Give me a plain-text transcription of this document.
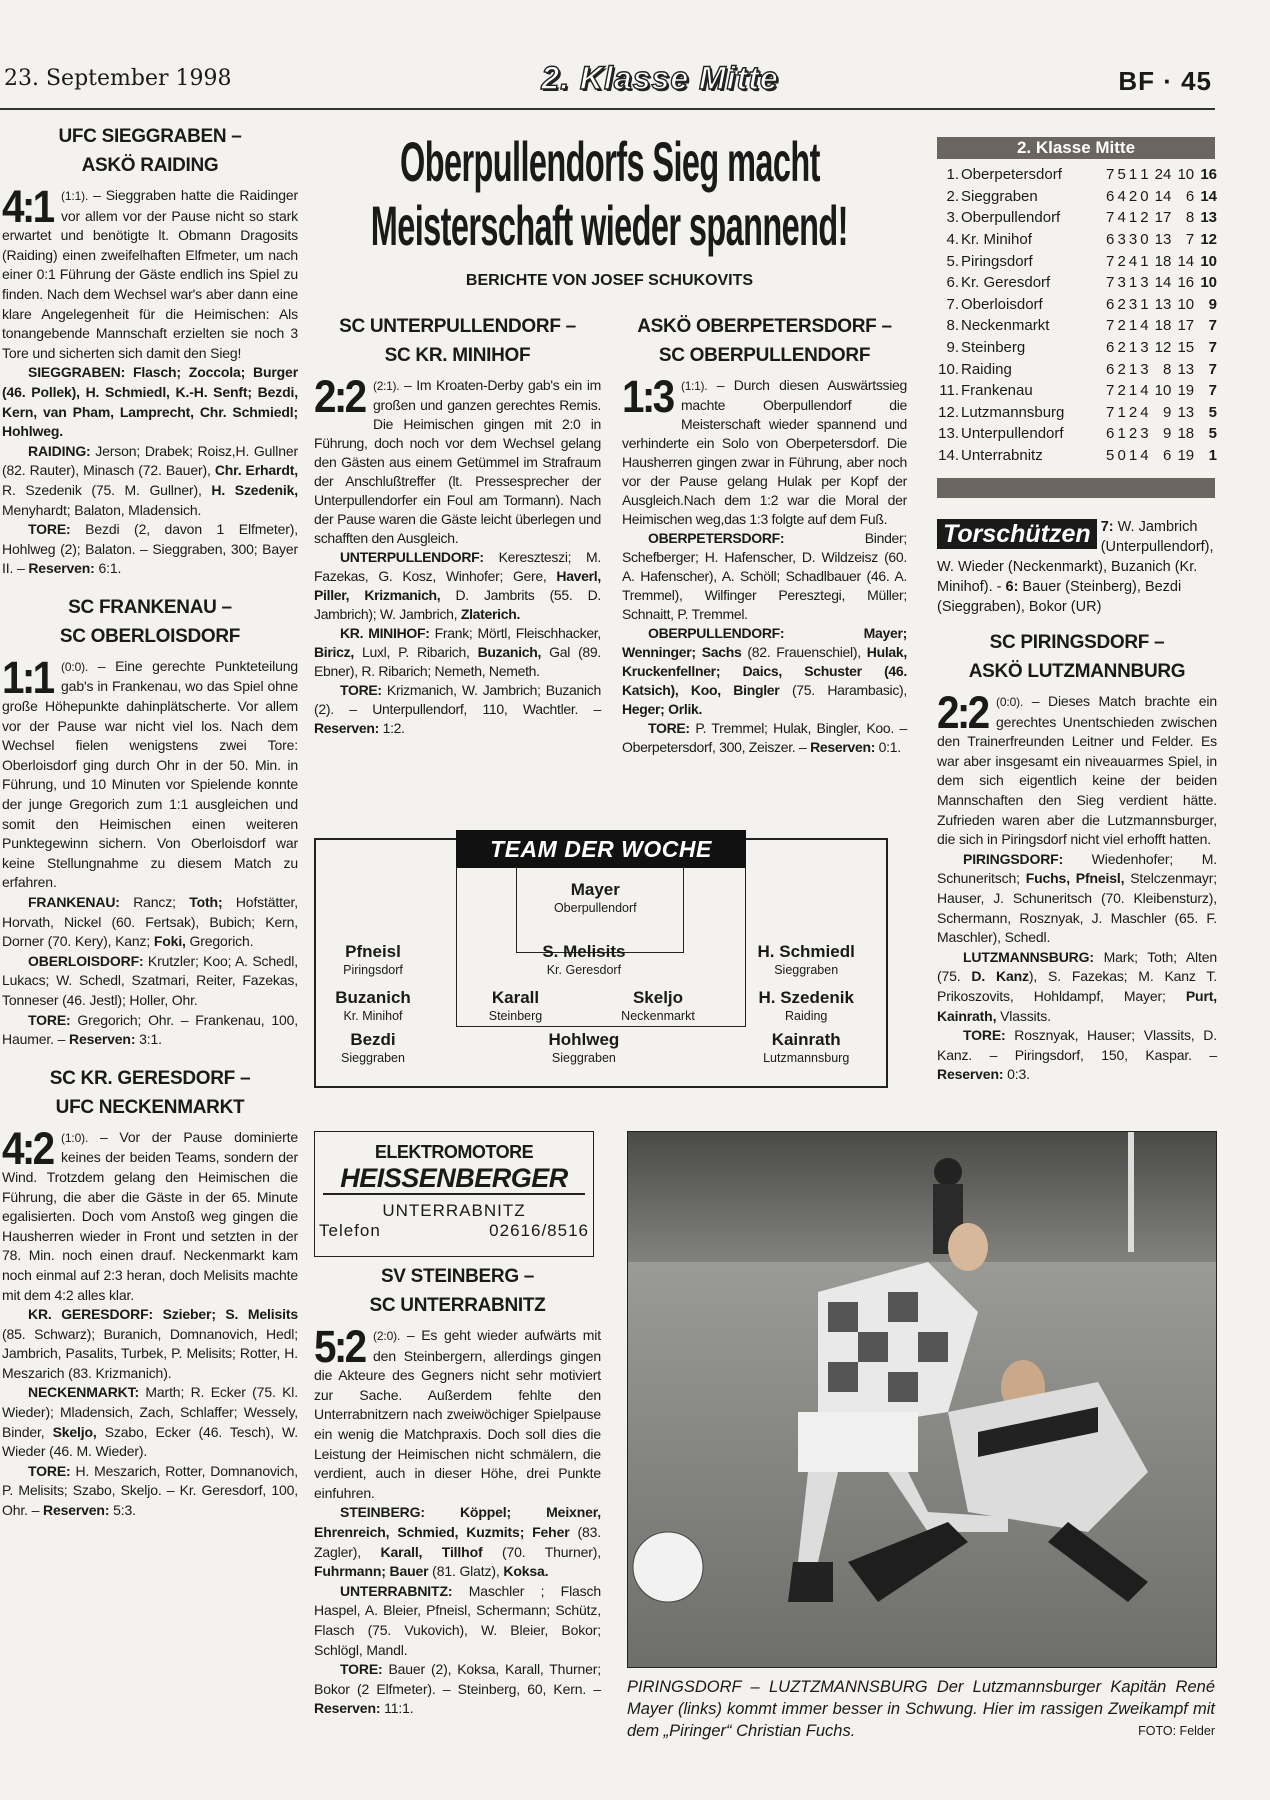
23. September 1998	2. Klasse Mitte	BF · 45
UFC SIEGGRABEN –
ASKÖ RAIDING

4:1 (1:1). – Sieggraben hatte die Raidinger vor allem vor der Pause nicht so stark erwartet und benötigte lt. Obmann Dragosits (Raiding) einen zweifelhaften Elfmeter, um nach einer 0:1 Führung der Gäste endlich ins Spiel zu finden. Nach dem Wechsel war's aber dann eine klare Angelegenheit für die Heimischen: Als tonangebende Mannschaft erzielten sie noch 3 Tore und sicherten sich damit den Sieg!

SIEGGRABEN: Flasch; Zoccola; Burger (46. Pollek), H. Schmiedl, K.-H. Senft; Bezdi, Kern, van Pham, Lamprecht, Chr. Schmiedl; Hohlweg.

RAIDING: Jerson; Drabek; Roisz,H. Gullner (82. Rauter), Minasch (72. Bauer), Chr. Erhardt, R. Szedenik (75. M. Gullner), H. Szedenik, Menyhardt; Balaton, Mladensich.

TORE: Bezdi (2, davon 1 Elfmeter), Hohlweg (2); Balaton. – Sieggraben, 300; Bayer II. – Reserven: 6:1.

SC FRANKENAU –
SC OBERLOISDORF

1:1 (0:0). – Eine gerechte Punkteteilung gab's in Frankenau, wo das Spiel ohne große Höhepunkte dahinplätscherte. Vor allem vor der Pause war nicht viel los. Nach dem Wechsel fielen wenigstens zwei Tore: Oberloisdorf ging durch Ohr in der 50. Min. in Führung, und 10 Minuten vor Spielende konnte der junge Gregorich zum 1:1 ausgleichen und somit den Heimischen einen weiteren Punktegewinn sichern. Von Oberloisdorf war keine Stellungnahme zu diesem Match zu erfahren.

FRANKENAU: Rancz; Toth; Hofstätter, Horvath, Nickel (60. Fertsak), Bubich; Kern, Dorner (70. Kery), Kanz; Foki, Gregorich.

OBERLOISDORF: Krutzler; Koo; A. Schedl, Lukacs; W. Schedl, Szatmari, Reiter, Fazekas, Tonneser (46. Jestl); Holler, Ohr.

TORE: Gregorich; Ohr. – Frankenau, 100, Haumer. – Reserven: 3:1.

SC KR. GERESDORF –
UFC NECKENMARKT

4:2 (1:0). – Vor der Pause dominierte keines der beiden Teams, sondern der Wind. Trotzdem gelang den Heimischen die Führung, die aber die Gäste in der 65. Minute egalisierten. Doch vom Anstoß weg gingen die Hausherren wieder in Front und setzten in der 78. Min. noch einen drauf. Neckenmarkt kam noch einmal auf 2:3 heran, doch Melisits machte mit dem 4:2 alles klar.

KR. GERESDORF: Szieber; S. Melisits (85. Schwarz); Buranich, Domnanovich, Hedl; Jambrich, Pasalits, Turbek, P. Melisits; Rotter, H. Meszarich (83. Krizmanich).

NECKENMARKT: Marth; R. Ecker (75. Kl. Wieder); Mladensich, Zach, Schlaffer; Wessely, Binder, Skeljo, Szabo, Ecker (46. Tesch), W. Wieder (46. M. Wieder).

TORE: H. Meszarich, Rotter, Domnanovich, P. Melisits; Szabo, Skeljo. – Kr. Geresdorf, 100, Ohr. – Reserven: 5:3.

Oberpullendorfs Sieg macht
Meisterschaft wieder spannend!
BERICHTE VON JOSEF SCHUKOVITS
SC UNTERPULLENDORF –
SC KR. MINIHOF

2:2 (2:1). – Im Kroaten-Derby gab's ein im großen und ganzen gerechtes Remis. Die Heimischen gingen mit 2:0 in Führung, doch noch vor dem Wechsel gelang den Gästen aus einem Getümmel im Strafraum der Anschlußtreffer (lt. Pressesprecher der Unterpullendorfer ein Foul am Tormann). Nach der Pause waren die Gäste leicht überlegen und schafften den Ausgleich.

UNTERPULLENDORF: Kereszteszi; M. Fazekas, G. Kosz, Winhofer; Gere, Haverl, Piller, Krizmanich, D. Jambrits (55. D. Jambrich); W. Jambrich, Zlaterich.

KR. MINIHOF: Frank; Mörtl, Fleischhacker, Biricz, Luxl, P. Ribarich, Buzanich, Gal (89. Ebner), R. Ribarich; Nemeth, Nemeth.

TORE: Krizmanich, W. Jambrich; Buzanich (2). – Unterpullendorf, 110, Wachtler. – Reserven: 1:2.

ASKÖ OBERPETERSDORF –
SC OBERPULLENDORF

1:3 (1:1). – Durch diesen Auswärtssieg machte Oberpullendorf die Meisterschaft wieder spannend und verhinderte ein Solo von Oberpetersdorf. Die Hausherren gingen zwar in Führung, aber noch vor der Pause gelang Hulak per Kopf der Ausgleich.Nach dem 1:2 war die Moral der Heimischen weg,das 1:3 folgte auf dem Fuß.

OBERPETERSDORF: Binder; Schefberger; H. Hafenscher, D. Wildzeisz (60. A. Hafenscher), A. Schöll; Schadlbauer (46. A. Tremmel), Wilfinger Peresztegi, Müller; Schnaitt, P. Tremmel.

OBERPULLENDORF: Mayer; Wenninger; Sachs (82. Frauenschiel), Hulak, Kruckenfellner; Daics, Schuster (46. Katsich), Koo, Bingler (75. Harambasic), Heger; Orlik.

TORE: P. Tremmel; Hulak, Bingler, Koo. – Oberpetersdorf, 300, Zeiszer. – Reserven: 0:1.

TEAM DER WOCHE
Mayer
Oberpullendorf
Pfneisl
Piringsdorf
S. Melisits
Kr. Geresdorf
H. Schmiedl
Sieggraben
Buzanich
Kr. Minihof
Karall
Steinberg
Skeljo
Neckenmarkt
H. Szedenik
Raiding
Bezdi
Sieggraben
Hohlweg
Sieggraben
Kainrath
Lutzmannsburg
ELEKTROMOTORE
HEISSENBERGER
UNTERRABNITZ
Telefon	02616/8516
SV STEINBERG –
SC UNTERRABNITZ

5:2 (2:0). – Es geht wieder aufwärts mit den Steinbergern, allerdings gingen die Akteure des Gegners nicht sehr motiviert zur Sache. Außerdem fehlte den Unterrabnitzern nach zweiwöchiger Spielpause ein wenig die Matchpraxis. Doch soll dies die Leistung der Heimischen nicht schmälern, die verdient, auch in dieser Höhe, drei Punkte einfuhren.

STEINBERG: Köppel; Meixner, Ehrenreich, Schmied, Kuzmits; Feher (83. Zagler), Karall, Tillhof (70. Thurner), Fuhrmann; Bauer (81. Glatz), Koksa.

UNTERRABNITZ: Maschler ; Flasch Haspel, A. Bleier, Pfneisl, Schermann; Schütz, Flasch (75. Vukovich), W. Bleier, Bokor; Schlögl, Mandl.

TORE: Bauer (2), Koksa, Karall, Thurner; Bokor (2 Elfmeter). – Steinberg, 60, Kern. – Reserven: 11:1.

2. Klasse Mitte
1.	Oberpetersdorf	7	5	1	1	24	10	16
2.	Sieggraben	6	4	2	0	14	6	14
3.	Oberpullendorf	7	4	1	2	17	8	13
4.	Kr. Minihof	6	3	3	0	13	7	12
5.	Piringsdorf	7	2	4	1	18	14	10
6.	Kr. Geresdorf	7	3	1	3	14	16	10
7.	Oberloisdorf	6	2	3	1	13	10	9
8.	Neckenmarkt	7	2	1	4	18	17	7
9.	Steinberg	6	2	1	3	12	15	7
10.	Raiding	6	2	1	3	8	13	7
11.	Frankenau	7	2	1	4	10	19	7
12.	Lutzmannsburg	7	1	2	4	9	13	5
13.	Unterpullendorf	6	1	2	3	9	18	5
14.	Unterrabnitz	5	0	1	4	6	19	1
Torschützen 7: W. Jambrich (Unterpullendorf), W. Wieder (Neckenmarkt), Buzanich (Kr. Minihof). - 6: Bauer (Steinberg), Bezdi (Sieggraben), Bokor (UR)
SC PIRINGSDORF –
ASKÖ LUTZMANNBURG

2:2 (0:0). – Dieses Match brachte ein gerechtes Unentschieden zwischen den Trainerfreunden Leitner und Felder. Es war aber insgesamt ein niveauarmes Spiel, in dem sich eigentlich keine der beiden Mannschaften den Sieg verdient hätte. Zufrieden waren aber die Lutzmannsburger, die sich in Piringsdorf nicht viel erhofft hatten.

PIRINGSDORF: Wiedenhofer; M. Schuneritsch; Fuchs, Pfneisl, Stelczenmayr; Hauser, J. Schuneritsch (70. Kleibensturz), Schermann, Rosznyak, J. Maschler (65. F. Maschler), Schedl.

LUTZMANNSBURG: Mark; Toth; Alten (75. D. Kanz), S. Fazekas; M. Kanz T. Prikoszovits, Hohldampf, Mayer; Purt, Kainrath, Vlassits.

TORE: Rosznyak, Hauser; Vlassits, D. Kanz. – Piringsdorf, 150, Kaspar. – Reserven: 0:3.

PIRINGSDORF – LUZTZMANNSBURG Der Lutzmannsburger Kapitän René Mayer (links) kommt immer besser in Schwung. Hier im rassigen Zweikampf mit dem „Piringer“ Christian Fuchs.	FOTO: Felder
